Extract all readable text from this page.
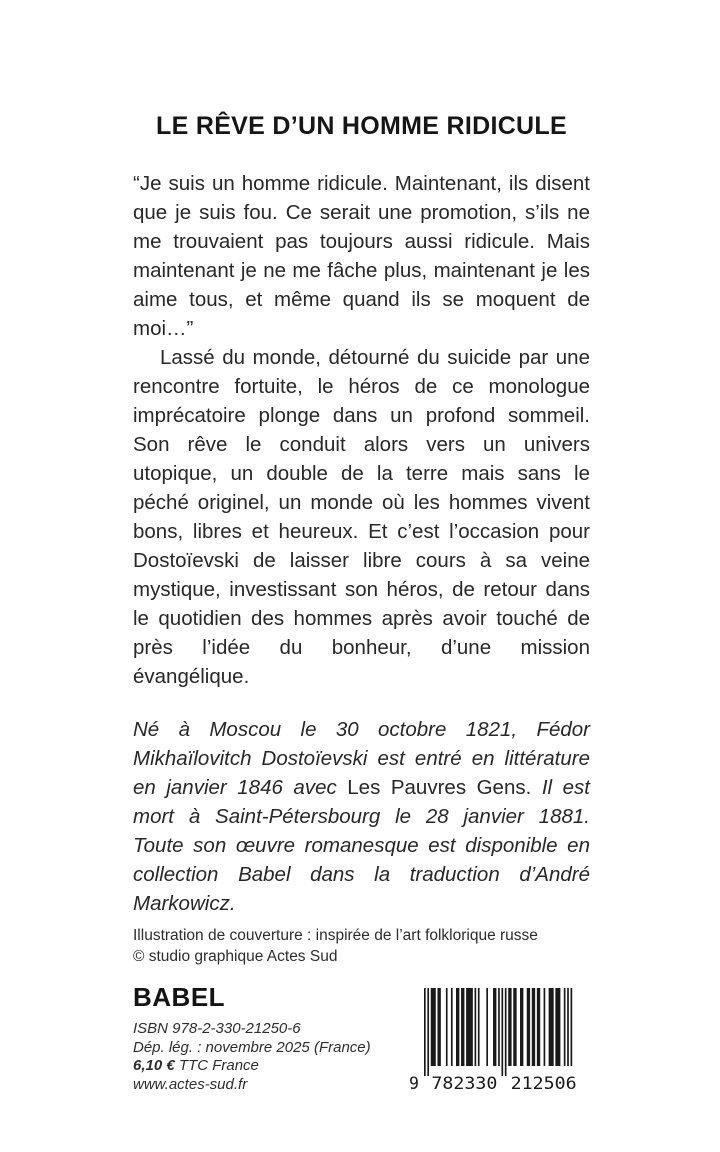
LE RÊVE D’UN HOMME RIDICULE

“Je suis un homme ridicule. Maintenant, ils disent que je suis fou. Ce serait une promotion, s’ils ne me trouvaient pas toujours aussi ridicule. Mais maintenant je ne me fâche plus, maintenant je les aime tous, et même quand ils se moquent de moi…”

Lassé du monde, détourné du suicide par une rencontre fortuite, le héros de ce monologue imprécatoire plonge dans un profond sommeil. Son rêve le conduit alors vers un univers utopique, un double de la terre mais sans le péché originel, un monde où les hommes vivent bons, libres et heureux. Et c’est l’occasion pour Dostoïevski de laisser libre cours à sa veine mystique, investissant son héros, de retour dans le quotidien des hommes après avoir touché de près l’idée du bonheur, d’une mission évangélique.

Né à Moscou le 30 octobre 1821, Fédor Mikhaïlovitch Dostoïevski est entré en littérature en janvier 1846 avec Les Pauvres Gens. Il est mort à Saint-Pétersbourg le 28 janvier 1881. Toute son œuvre romanesque est disponible en collection Babel dans la traduction d’André Markowicz.

Illustration de couverture : inspirée de l’art folklorique russe
© studio graphique Actes Sud
BABEL
ISBN 978-2-330-21250-6
Dép. lég. : novembre 2025 (France)
6,10 € TTC France
www.actes-sud.fr	9 782330 212506
